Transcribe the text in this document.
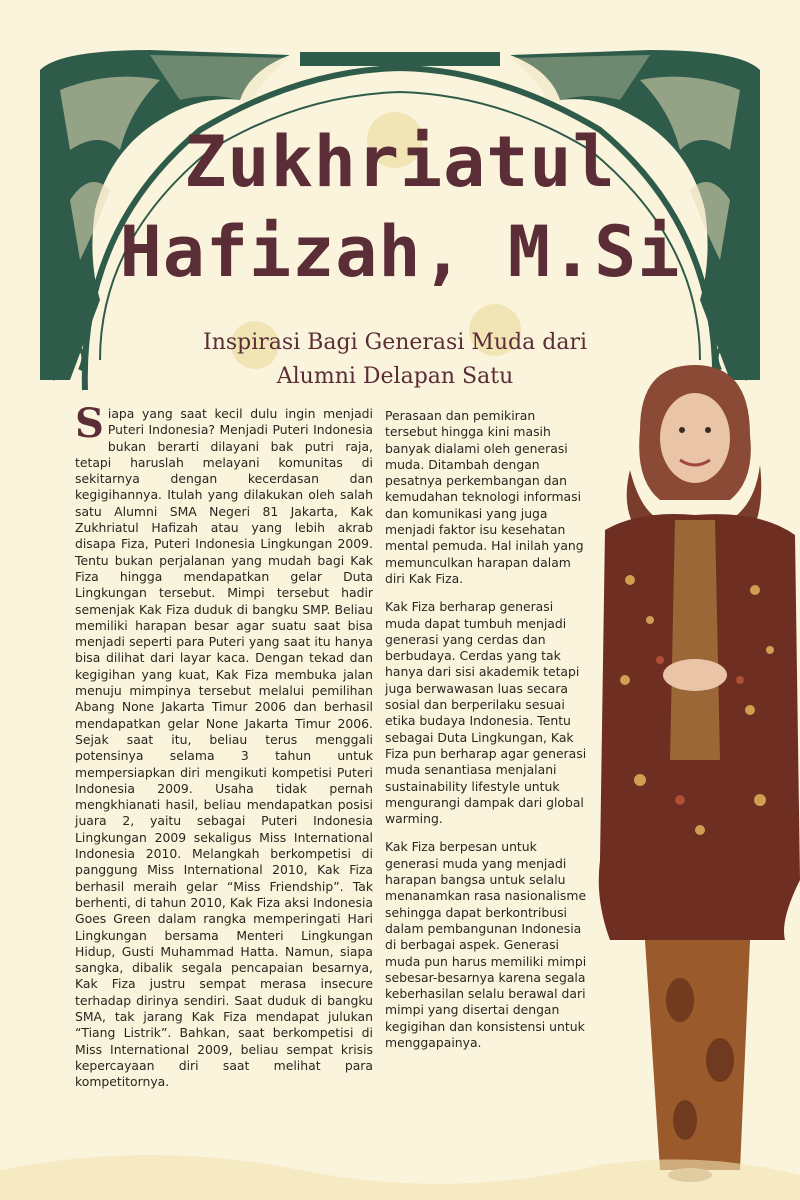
Zukhriatul
Hafizah, M.Si
Inspirasi Bagi Generasi Muda dari
Alumni Delapan Satu
S iapa yang saat kecil dulu ingin menjadi Puteri Indonesia? Menjadi Puteri Indonesia bukan berarti dilayani bak putri raja, tetapi haruslah melayani komunitas di sekitarnya dengan kecerdasan dan kegigihannya. Itulah yang dilakukan oleh salah satu Alumni SMA Negeri 81 Jakarta, Kak Zukhriatul Hafizah atau yang lebih akrab disapa Fiza, Puteri Indonesia Lingkungan 2009. Tentu bukan perjalanan yang mudah bagi Kak Fiza hingga mendapatkan gelar Duta Lingkungan tersebut. Mimpi tersebut hadir semenjak Kak Fiza duduk di bangku SMP. Beliau memiliki harapan besar agar suatu saat bisa menjadi seperti para Puteri yang saat itu hanya bisa dilihat dari layar kaca. Dengan tekad dan kegigihan yang kuat, Kak Fiza membuka jalan menuju mimpinya tersebut melalui pemilihan Abang None Jakarta Timur 2006 dan berhasil mendapatkan gelar None Jakarta Timur 2006. Sejak saat itu, beliau terus menggali potensinya selama 3 tahun untuk mempersiapkan diri mengikuti kompetisi Puteri Indonesia 2009. Usaha tidak pernah mengkhianati hasil, beliau mendapatkan posisi juara 2, yaitu sebagai Puteri Indonesia Lingkungan 2009 sekaligus Miss International Indonesia 2010. Melangkah berkompetisi di panggung Miss International 2010, Kak Fiza berhasil meraih gelar “Miss Friendship”. Tak berhenti, di tahun 2010, Kak Fiza aksi Indonesia Goes Green dalam rangka memperingati Hari Lingkungan bersama Menteri Lingkungan Hidup, Gusti Muhammad Hatta. Namun, siapa sangka, dibalik segala pencapaian besarnya, Kak Fiza justru sempat merasa insecure terhadap dirinya sendiri. Saat duduk di bangku SMA, tak jarang Kak Fiza mendapat julukan “Tiang Listrik”. Bahkan, saat berkompetisi di Miss International 2009, beliau sempat krisis kepercayaan diri saat melihat para kompetitornya.

Perasaan dan pemikiran tersebut hingga kini masih banyak dialami oleh generasi muda. Ditambah dengan pesatnya perkembangan dan kemudahan teknologi informasi dan komunikasi yang juga menjadi faktor isu kesehatan mental pemuda. Hal inilah yang memunculkan harapan dalam diri Kak Fiza.

Kak Fiza berharap generasi muda dapat tumbuh menjadi generasi yang cerdas dan berbudaya. Cerdas yang tak hanya dari sisi akademik tetapi juga berwawasan luas secara sosial dan berperilaku sesuai etika budaya Indonesia. Tentu sebagai Duta Lingkungan, Kak Fiza pun berharap agar generasi muda senantiasa menjalani sustainability lifestyle untuk mengurangi dampak dari global warming.

Kak Fiza berpesan untuk generasi muda yang menjadi harapan bangsa untuk selalu menanamkan rasa nasionalisme sehingga dapat berkontribusi dalam pembangunan Indonesia di berbagai aspek. Generasi muda pun harus memiliki mimpi sebesar-besarnya karena segala keberhasilan selalu berawal dari mimpi yang disertai dengan kegigihan dan konsistensi untuk menggapainya.
